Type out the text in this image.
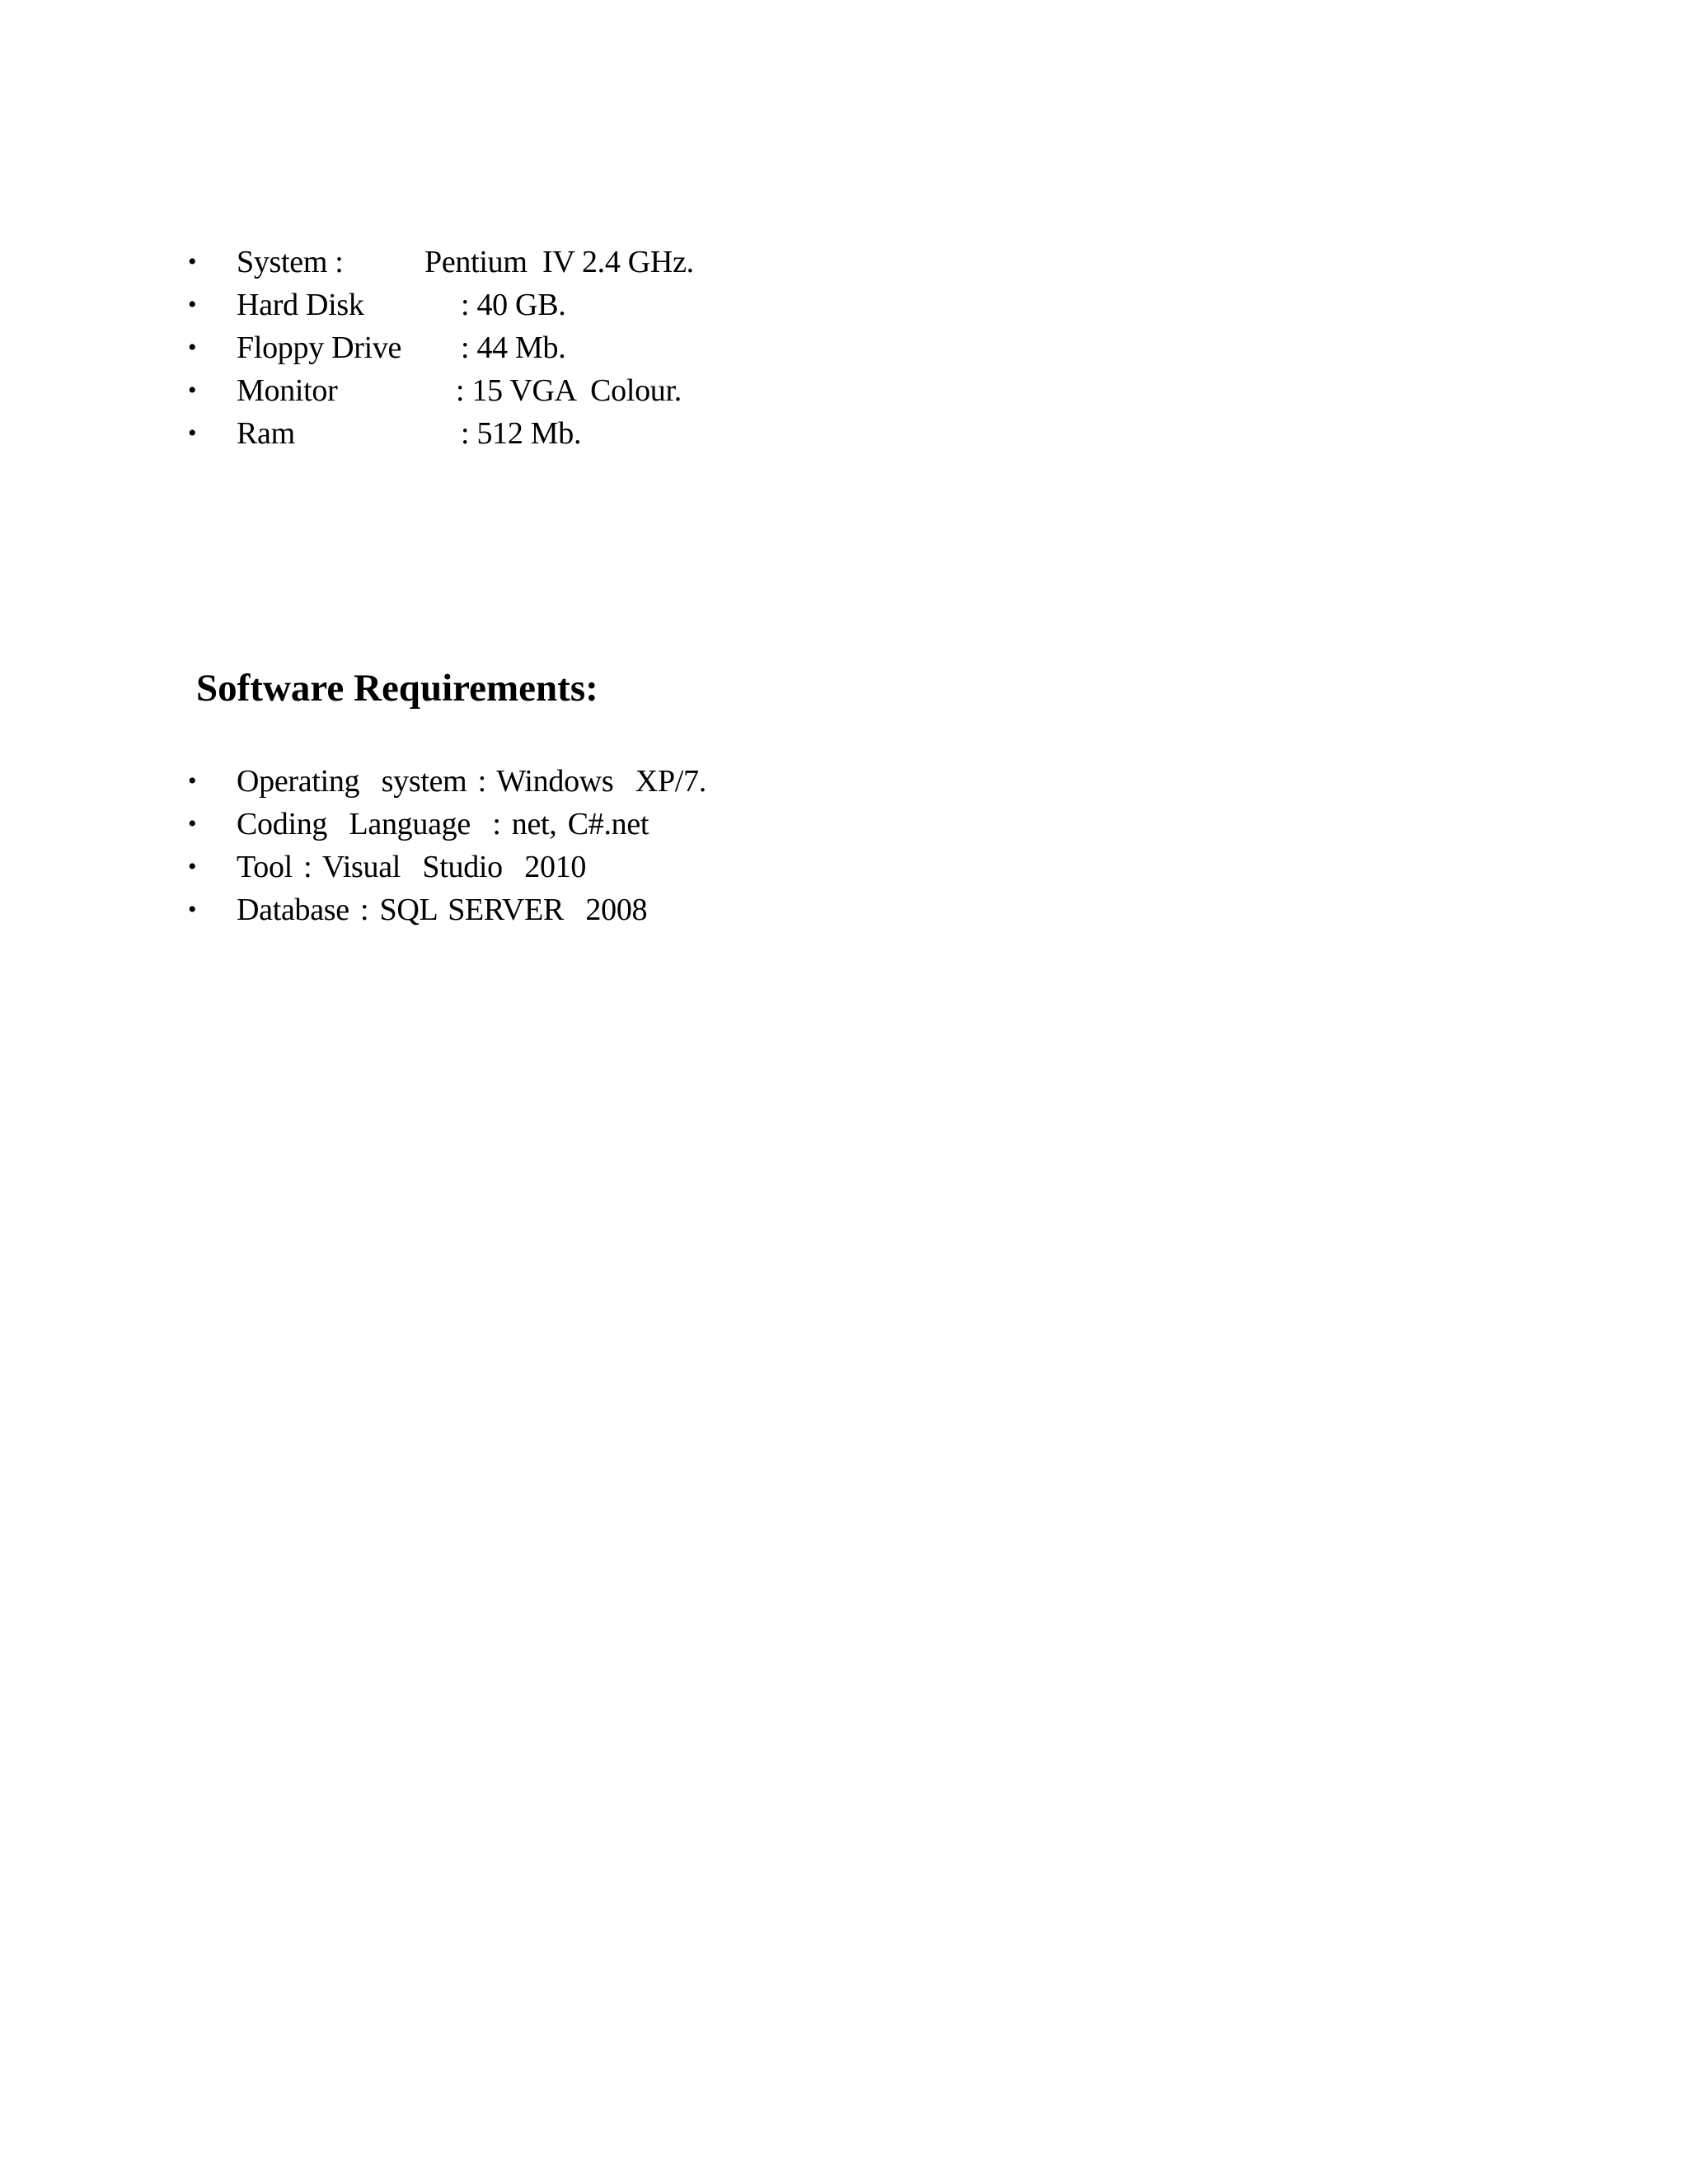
•

System :

	Pentium  IV 2.4 GHz.

•

Hard Disk

	: 40 GB.

•

Floppy Drive

: 44 Mb.

•

Monitor

	: 15 VGA  Colour.

•

Ram

	: 512 Mb.

Software Requirements:

•

Operating  system : Windows  XP/7.

•

Coding  Language  : net, C#.net

•

Tool : Visual  Studio  2010

•

Database : SQL SERVER  2008
